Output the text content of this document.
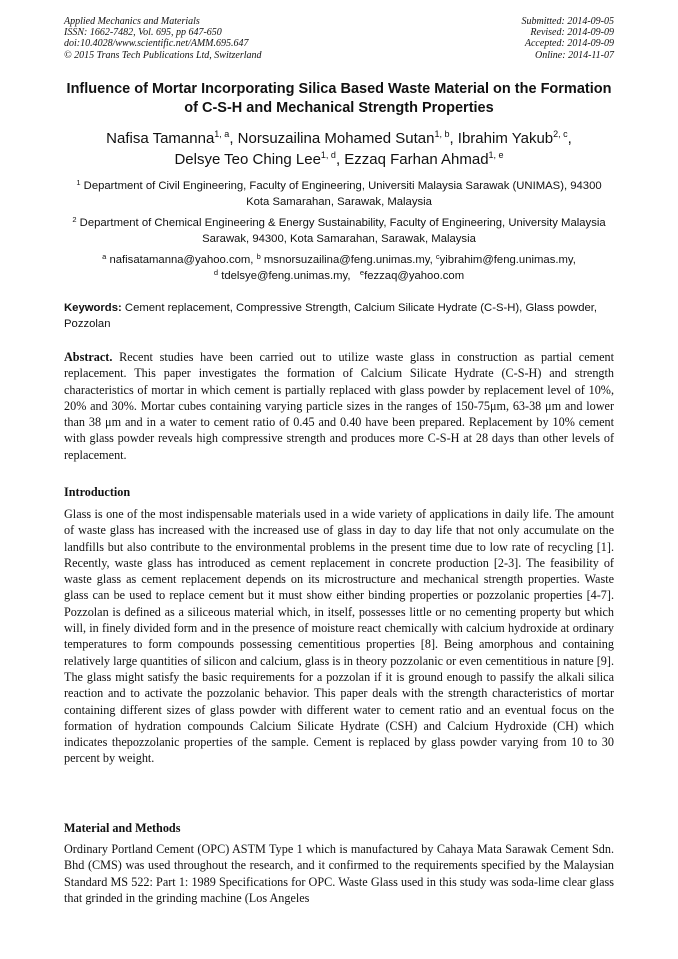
Applied Mechanics and Materials
ISSN: 1662-7482, Vol. 695, pp 647-650
doi:10.4028/www.scientific.net/AMM.695.647
© 2015 Trans Tech Publications Ltd, Switzerland
Submitted: 2014-09-05
Revised: 2014-09-09
Accepted: 2014-09-09
Online: 2014-11-07
Influence of Mortar Incorporating Silica Based Waste Material on the Formation of C-S-H and Mechanical Strength Properties
Nafisa Tamanna$^{1, a}$, Norsuzailina Mohamed Sutan$^{1, b}$, Ibrahim Yakub$^{2, c}$,
Delsye Teo Ching Lee$^{1, d}$, Ezzaq Farhan Ahmad$^{1, e}$
$^1$ Department of Civil Engineering, Faculty of Engineering, Universiti Malaysia Sarawak (UNIMAS), 94300 Kota Samarahan, Sarawak, Malaysia
$^2$ Department of Chemical Engineering & Energy Sustainability, Faculty of Engineering, University Malaysia Sarawak, 94300, Kota Samarahan, Sarawak, Malaysia
$^a$ nafisatamanna@yahoo.com, $^b$ msnorsuzailina@feng.unimas.my, $^c$yibrahim@feng.unimas.my,
$^d$ tdelsye@feng.unimas.my, $^e$fezzaq@yahoo.com
Keywords: Cement replacement, Compressive Strength, Calcium Silicate Hydrate (C-S-H), Glass powder, Pozzolan
Abstract. Recent studies have been carried out to utilize waste glass in construction as partial cement replacement. This paper investigates the formation of Calcium Silicate Hydrate (C-S-H) and strength characteristics of mortar in which cement is partially replaced with glass powder by replacement level of 10%, 20% and 30%. Mortar cubes containing varying particle sizes in the ranges of 150-75μm, 63-38 μm and lower than 38 μm and in a water to cement ratio of 0.45 and 0.40 have been prepared. Replacement by 10% cement with glass powder reveals high compressive strength and produces more C-S-H at 28 days than other levels of replacement.
Introduction
Glass is one of the most indispensable materials used in a wide variety of applications in daily life. The amount of waste glass has increased with the increased use of glass in day to day life that not only accumulate on the landfills but also contribute to the environmental problems in the present time due to low rate of recycling [1]. Recently, waste glass has introduced as cement replacement in concrete production [2-3]. The feasibility of waste glass as cement replacement depends on its microstructure and mechanical strength properties. Waste glass can be used to replace cement but it must show either binding properties or pozzolanic properties [4-7]. Pozzolan is defined as a siliceous material which, in itself, possesses little or no cementing property but which will, in finely divided form and in the presence of moisture react chemically with calcium hydroxide at ordinary temperatures to form compounds possessing cementitious properties [8]. Being amorphous and containing relatively large quantities of silicon and calcium, glass is in theory pozzolanic or even cementitious in nature [9]. The glass might satisfy the basic requirements for a pozzolan if it is ground enough to passify the alkali silica reaction and to activate the pozzolanic behavior. This paper deals with the strength characteristics of mortar containing different sizes of glass powder with different water to cement ratio and an eventual focus on the formation of hydration compounds Calcium Silicate Hydrate (CSH) and Calcium Hydroxide (CH) which indicates thepozzolanic properties of the sample. Cement is replaced by glass powder varying from 10 to 30 percent by weight.
Material and Methods
Ordinary Portland Cement (OPC) ASTM Type 1 which is manufactured by Cahaya Mata Sarawak Cement Sdn. Bhd (CMS) was used throughout the research, and it confirmed to the requirements specified by the Malaysian Standard MS 522: Part 1: 1989 Specifications for OPC. Waste Glass used in this study was soda-lime clear glass that grinded in the grinding machine (Los Angeles
